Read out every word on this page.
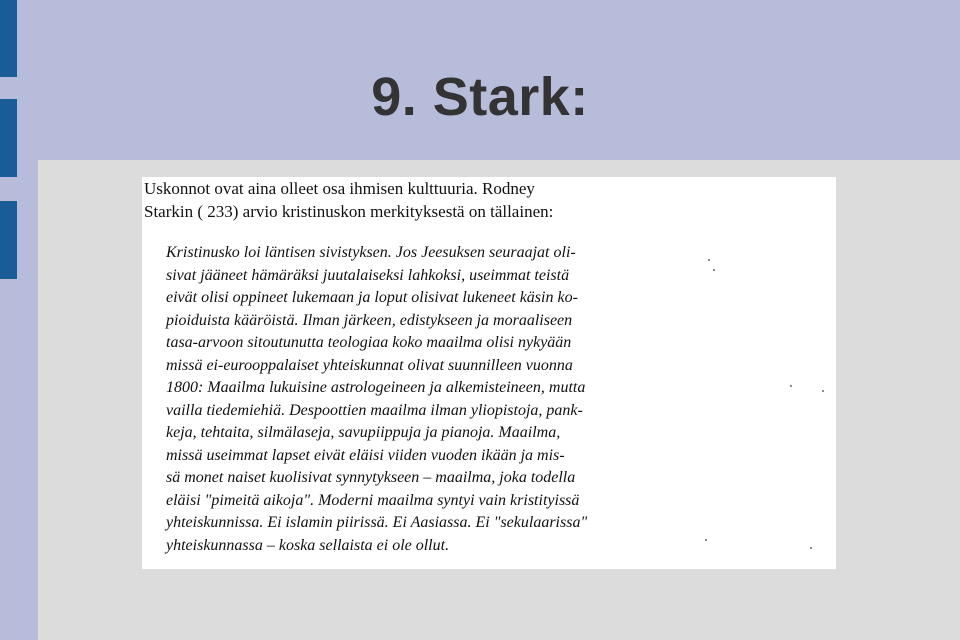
9. Stark:
Uskonnot ovat aina olleet osa ihmisen kulttuuria. Rodney
Starkin ( 233) arvio kristinuskon merkityksestä on tällainen:
Kristinusko loi läntisen sivistyksen. Jos Jeesuksen seuraajat oli-
sivat jääneet hämäräksi juutalaiseksi lahkoksi, useimmat teistä
eivät olisi oppineet lukemaan ja loput olisivat lukeneet käsin ko-
pioiduista kääröistä. Ilman järkeen, edistykseen ja moraaliseen
tasa-arvoon sitoutunutta teologiaa koko maailma olisi nykyään
missä ei-eurooppalaiset yhteiskunnat olivat suunnilleen vuonna
1800: Maailma lukuisine astrologeineen ja alkemisteineen, mutta
vailla tiedemiehiä. Despoottien maailma ilman yliopistoja, pank-
keja, tehtaita, silmälaseja, savupiippuja ja pianoja. Maailma,
missä useimmat lapset eivät eläisi viiden vuoden ikään ja mis-
sä monet naiset kuolisivat synnytykseen – maailma, joka todella
eläisi "pimeitä aikoja". Moderni maailma syntyi vain kristityissä
yhteiskunnissa. Ei islamin piirissä. Ei Aasiassa. Ei "sekulaarissa"
yhteiskunnassa – koska sellaista ei ole ollut.
